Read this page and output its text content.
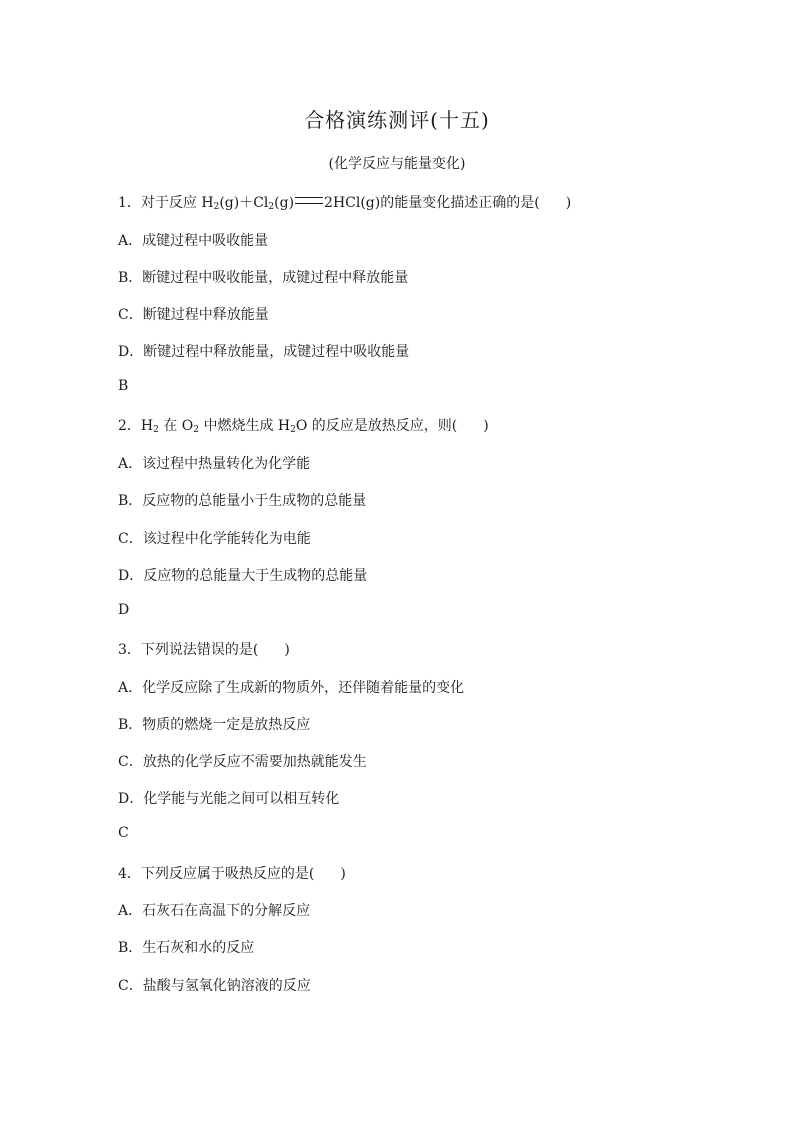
合格演练测评(十五)
(化学反应与能量变化)
1．对于反应 $H_2(g)+Cl_2(g)$ 2HCl(g)的能量变化描述正确的是( )
A．成键过程中吸收能量
B．断键过程中吸收能量，成键过程中释放能量
C．断键过程中释放能量
D．断键过程中释放能量，成键过程中吸收能量
B
2．$H_2$ 在 $O_2$ 中燃烧生成 $H_2O$ 的反应是放热反应，则( )
A．该过程中热量转化为化学能
B．反应物的总能量小于生成物的总能量
C．该过程中化学能转化为电能
D．反应物的总能量大于生成物的总能量
D
3．下列说法错误的是( )
A．化学反应除了生成新的物质外，还伴随着能量的变化
B．物质的燃烧一定是放热反应
C．放热的化学反应不需要加热就能发生
D．化学能与光能之间可以相互转化
C
4．下列反应属于吸热反应的是( )
A．石灰石在高温下的分解反应
B．生石灰和水的反应
C．盐酸与氢氧化钠溶液的反应
